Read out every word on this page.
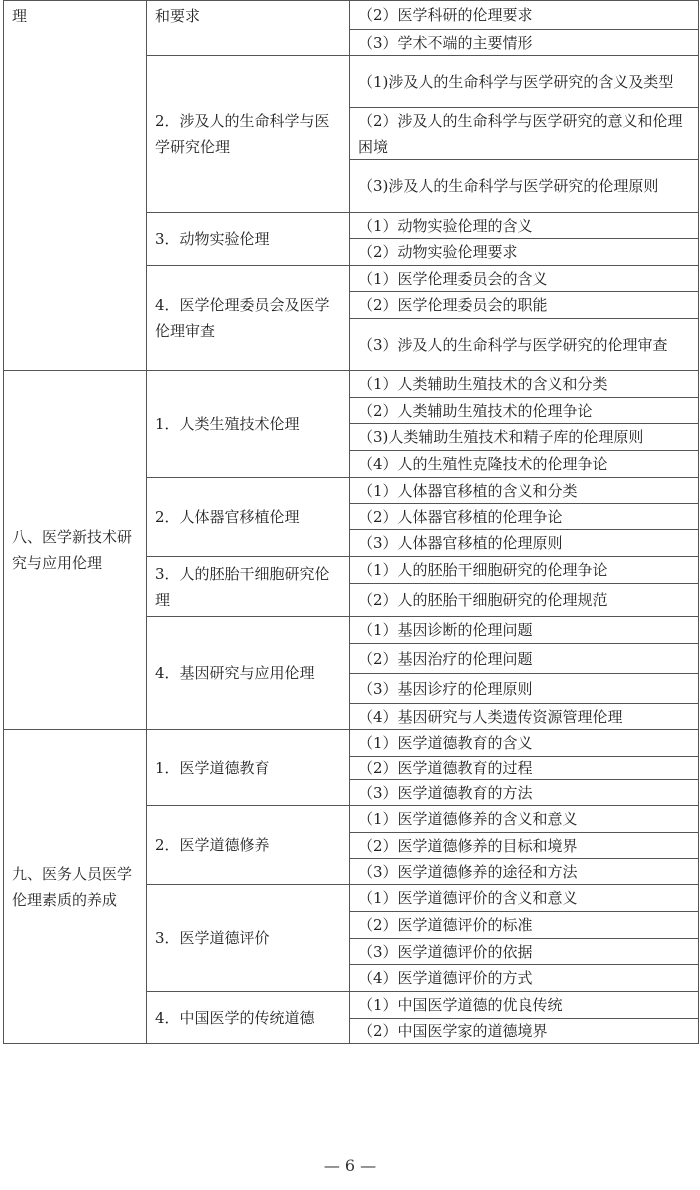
（2）医学科研的伦理要求
（3）学术不端的主要情形
和要求
（1)涉及人的生命科学与医学研究的含义及类型
（2）涉及人的生命科学与医学研究的意义和伦理困境
（3)涉及人的生命科学与医学研究的伦理原则
2．涉及人的生命科学与医学研究伦理
（1）动物实验伦理的含义
（2）动物实验伦理要求
3．动物实验伦理
（1）医学伦理委员会的含义
（2）医学伦理委员会的职能
（3）涉及人的生命科学与医学研究的伦理审查
4．医学伦理委员会及医学伦理审查
理
（1）人类辅助生殖技术的含义和分类
（2）人类辅助生殖技术的伦理争论
（3)人类辅助生殖技术和精子库的伦理原则
（4）人的生殖性克隆技术的伦理争论
1．人类生殖技术伦理
（1）人体器官移植的含义和分类
（2）人体器官移植的伦理争论
（3）人体器官移植的伦理原则
2．人体器官移植伦理
（1）人的胚胎干细胞研究的伦理争论
（2）人的胚胎干细胞研究的伦理规范
3．人的胚胎干细胞研究伦理
（1）基因诊断的伦理问题
（2）基因治疗的伦理问题
（3）基因诊疗的伦理原则
（4）基因研究与人类遗传资源管理伦理
4．基因研究与应用伦理
八、医学新技术研究与应用伦理
（1）医学道德教育的含义
（2）医学道德教育的过程
（3）医学道德教育的方法
1．医学道德教育
（1）医学道德修养的含义和意义
（2）医学道德修养的目标和境界
（3）医学道德修养的途径和方法
2．医学道德修养
（1）医学道德评价的含义和意义
（2）医学道德评价的标准
（3）医学道德评价的依据
（4）医学道德评价的方式
3．医学道德评价
（1）中国医学道德的优良传统
（2）中国医学家的道德境界
4．中国医学的传统道德
九、医务人员医学伦理素质的养成
— 6 —
